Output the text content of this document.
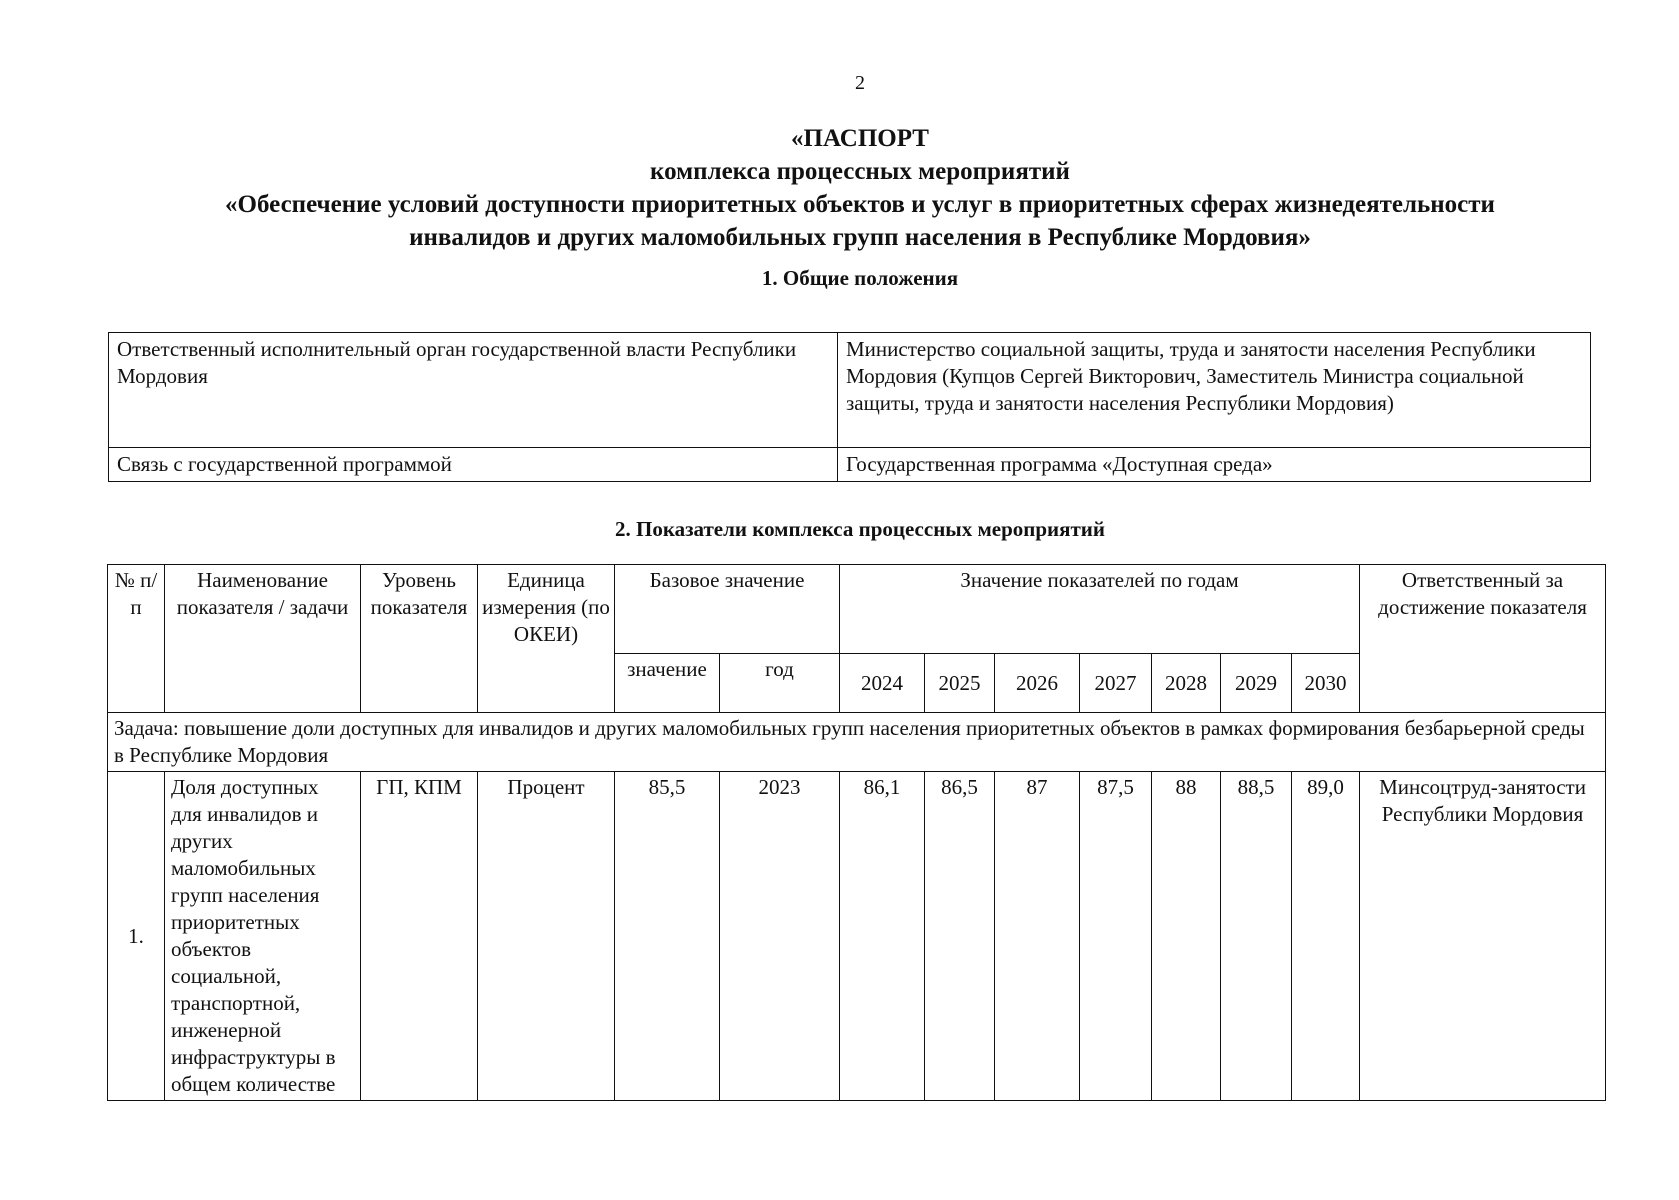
2
«ПАСПОРТ
комплекса процессных мероприятий
«Обеспечение условий доступности приоритетных объектов и услуг в приоритетных сферах жизнедеятельности
инвалидов и других маломобильных групп населения в Республике Мордовия»
1. Общие положения
Ответственный исполнительный орган государственной власти Республики Мордовия	Министерство социальной защиты, труда и занятости населения Республики Мордовия (Купцов Сергей Викторович, Заместитель Министра социальной защиты, труда и занятости населения Республики Мордовия)
Связь с государственной программой	Государственная программа «Доступная среда»
2. Показатели комплекса процессных мероприятий
№ п/п	Наименование показателя / задачи	Уровень показателя	Единица измерения (по ОКЕИ)	Базовое значение		Значение показателей по годам							Ответственный за достижение показателя
				значение	год	2024	2025	2026	2027	2028	2029	2030	
Задача: повышение доли доступных для инвалидов и других маломобильных групп населения приоритетных объектов в рамках формирования безбарьерной среды в Республике Мордовия													
1.	Доля доступных для инвалидов и других маломобильных групп населения приоритетных объектов социальной, транспортной, инженерной инфраструктуры в общем количестве	ГП, КПМ	Процент	85,5	2023	86,1	86,5	87	87,5	88	88,5	89,0	Минсоцтруд-занятости Республики Мордовия
